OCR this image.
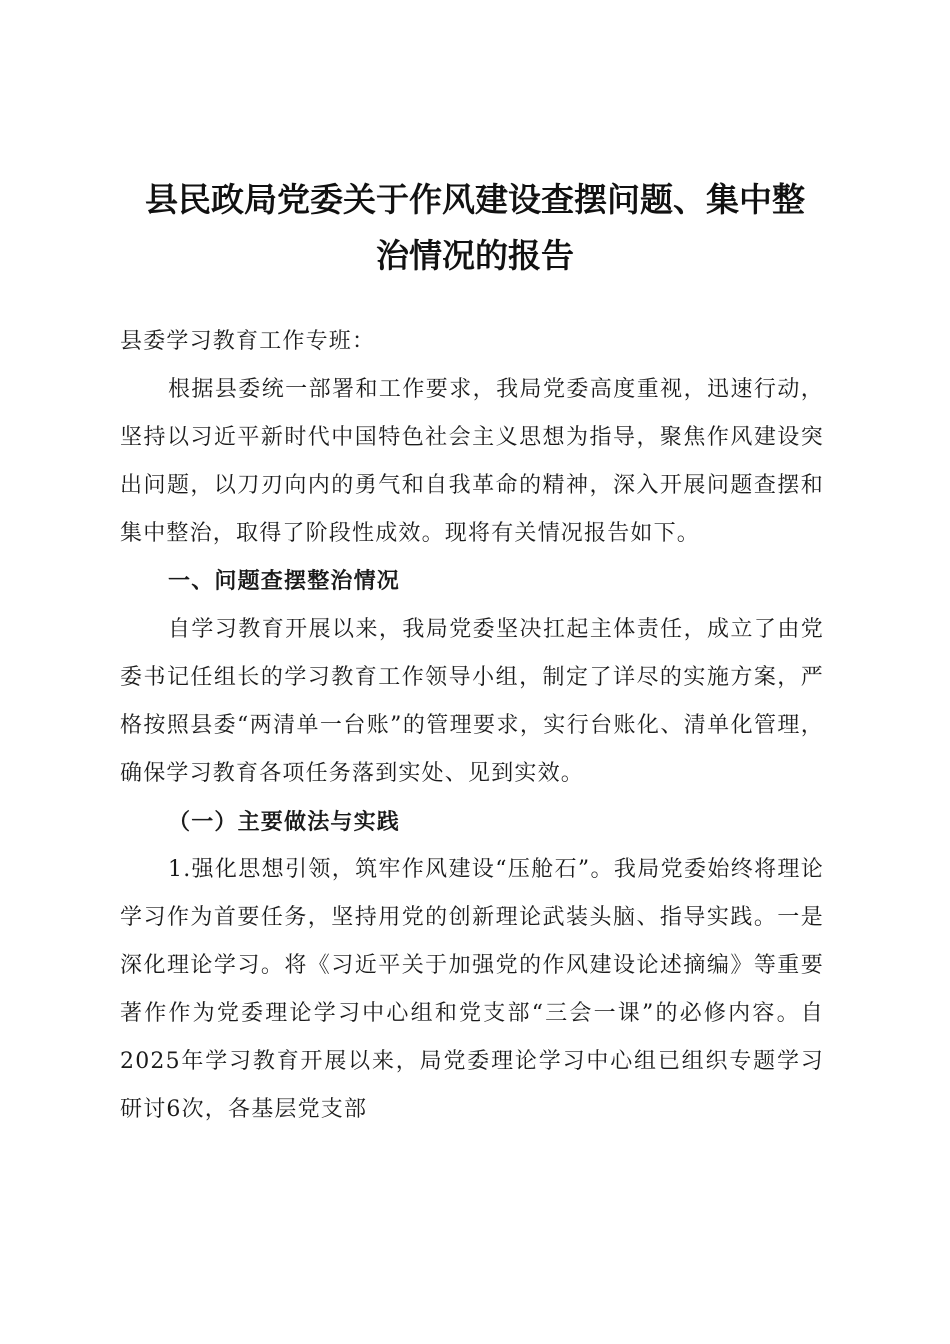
县民政局党委关于作风建设查摆问题、集中整
治情况的报告

县委学习教育工作专班：

根据县委统一部署和工作要求，我局党委高度重视，迅速行动，坚持以习近平新时代中国特色社会主义思想为指导，聚焦作风建设突出问题，以刀刃向内的勇气和自我革命的精神，深入开展问题查摆和集中整治，取得了阶段性成效。现将有关情况报告如下。

一、问题查摆整治情况

自学习教育开展以来，我局党委坚决扛起主体责任，成立了由党委书记任组长的学习教育工作领导小组，制定了详尽的实施方案，严格按照县委“两清单一台账”的管理要求，实行台账化、清单化管理，确保学习教育各项任务落到实处、见到实效。

（一）主要做法与实践

1.强化思想引领，筑牢作风建设“压舱石”。我局党委始终将理论学习作为首要任务，坚持用党的创新理论武装头脑、指导实践。一是深化理论学习。将《习近平关于加强党的作风建设论述摘编》等重要著作作为党委理论学习中心组和党支部“三会一课”的必修内容。自2025年学习教育开展以来，局党委理论学习中心组已组织专题学习研讨6次，各基层党支部
